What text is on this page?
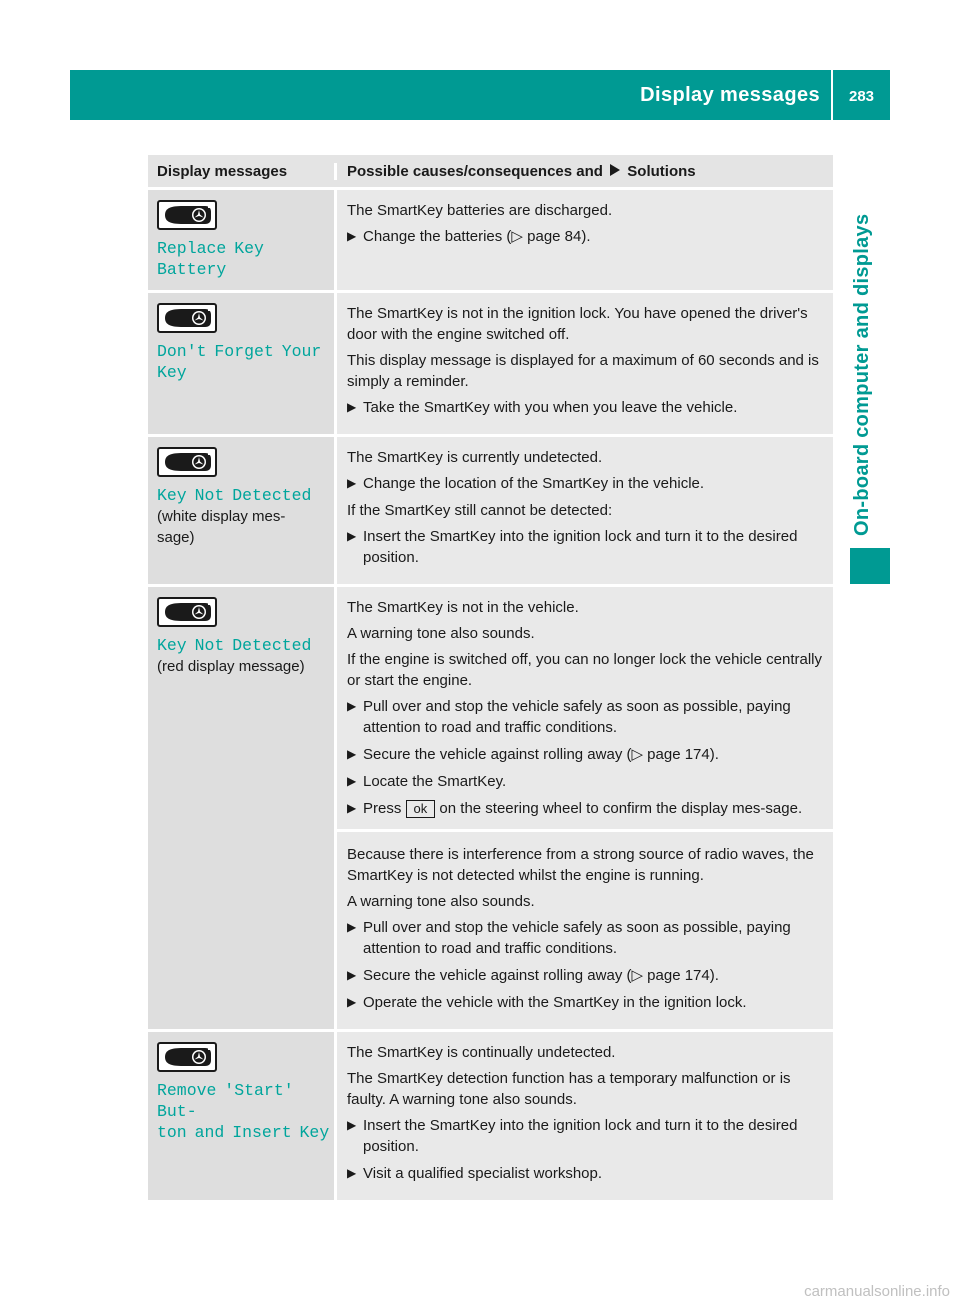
Display messages	283
On-board computer and displays
Display messages	Possible causes/consequences and Solutions
Replace Key Battery
The SmartKey batteries are discharged.
▶ Change the batteries (▷ page 84).
Don't Forget Your
Key
The SmartKey is not in the ignition lock. You have opened the driver's door with the engine switched off.
This display message is displayed for a maximum of 60 seconds and is simply a reminder.
▶ Take the SmartKey with you when you leave the vehicle.
Key Not Detected
(white display mes-sage)
The SmartKey is currently undetected.
▶ Change the location of the SmartKey in the vehicle.
If the SmartKey still cannot be detected:
▶ Insert the SmartKey into the ignition lock and turn it to the desired position.
Key Not Detected
(red display message)
The SmartKey is not in the vehicle.
A warning tone also sounds.
If the engine is switched off, you can no longer lock the vehicle centrally or start the engine.
▶ Pull over and stop the vehicle safely as soon as possible, paying attention to road and traffic conditions.
▶ Secure the vehicle against rolling away (▷ page 174).
▶ Locate the SmartKey.
▶ Press ok on the steering wheel to confirm the display mes-sage.
Because there is interference from a strong source of radio waves, the SmartKey is not detected whilst the engine is running.
A warning tone also sounds.
▶ Pull over and stop the vehicle safely as soon as possible, paying attention to road and traffic conditions.
▶ Secure the vehicle against rolling away (▷ page 174).
▶ Operate the vehicle with the SmartKey in the ignition lock.
Remove 'Start' But‐
ton and Insert Key
The SmartKey is continually undetected.
The SmartKey detection function has a temporary malfunction or is faulty. A warning tone also sounds.
▶ Insert the SmartKey into the ignition lock and turn it to the desired position.
▶ Visit a qualified specialist workshop.
carmanualsonline.info
